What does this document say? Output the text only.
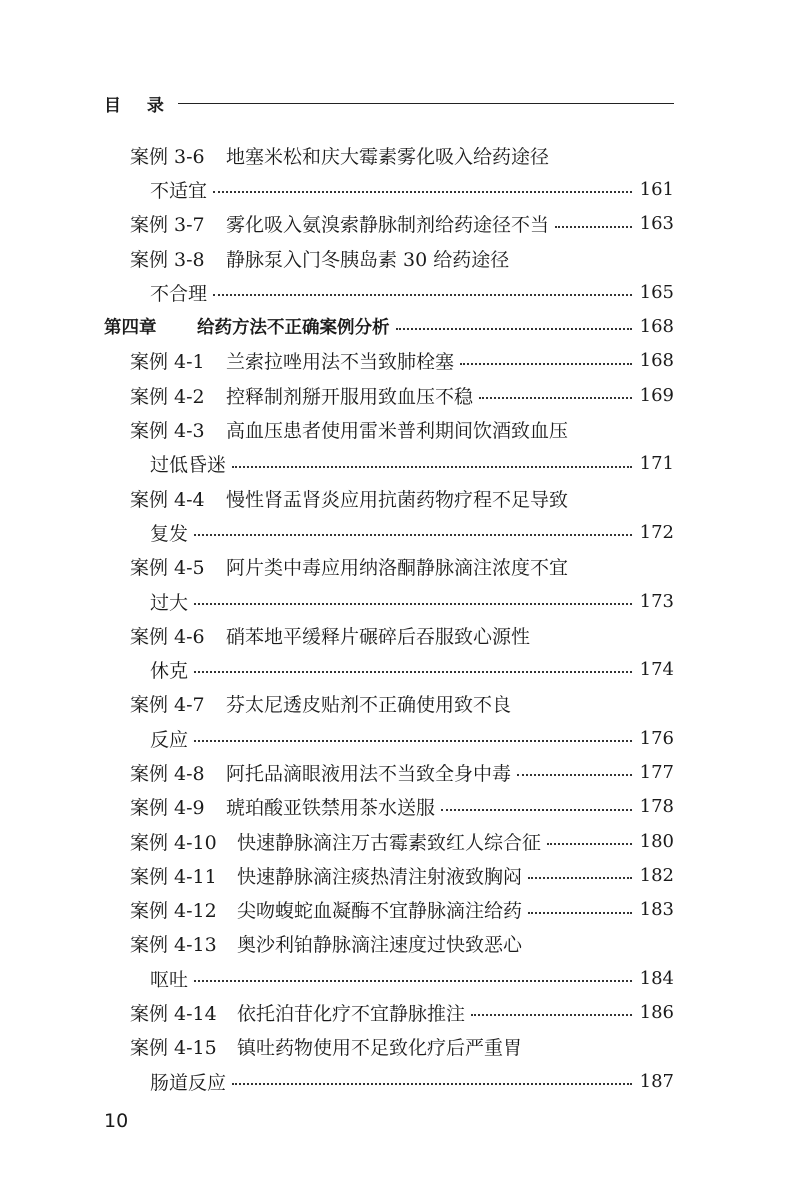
目 录
案例 3-6 地塞米松和庆大霉素雾化吸入给药途径
不适宜	161
案例 3-7 雾化吸入氨溴索静脉制剂给药途径不当	163
案例 3-8 静脉泵入门冬胰岛素 30 给药途径
不合理	165
第四章 给药方法不正确案例分析	168
案例 4-1 兰索拉唑用法不当致肺栓塞	168
案例 4-2 控释制剂掰开服用致血压不稳	169
案例 4-3 高血压患者使用雷米普利期间饮酒致血压
过低昏迷	171
案例 4-4 慢性肾盂肾炎应用抗菌药物疗程不足导致
复发	172
案例 4-5 阿片类中毒应用纳洛酮静脉滴注浓度不宜
过大	173
案例 4-6 硝苯地平缓释片碾碎后吞服致心源性
休克	174
案例 4-7 芬太尼透皮贴剂不正确使用致不良
反应	176
案例 4-8 阿托品滴眼液用法不当致全身中毒	177
案例 4-9 琥珀酸亚铁禁用茶水送服	178
案例 4-10 快速静脉滴注万古霉素致红人综合征	180
案例 4-11 快速静脉滴注痰热清注射液致胸闷	182
案例 4-12 尖吻蝮蛇血凝酶不宜静脉滴注给药	183
案例 4-13 奥沙利铂静脉滴注速度过快致恶心
呕吐	184
案例 4-14 依托泊苷化疗不宜静脉推注	186
案例 4-15 镇吐药物使用不足致化疗后严重胃
肠道反应	187
10
